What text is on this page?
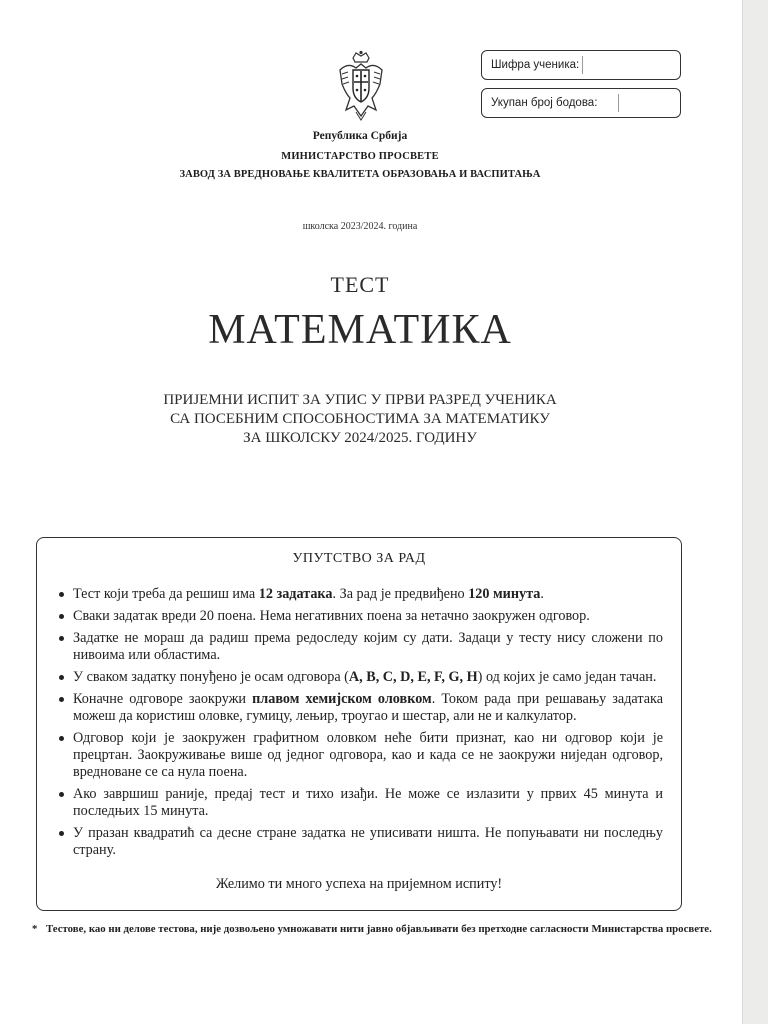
Република Србија
МИНИСТАРСТВО ПРОСВЕТЕ
ЗАВОД ЗА ВРЕДНОВАЊЕ КВАЛИТЕТА ОБРАЗОВАЊА И ВАСПИТАЊА
Шифра ученика:
Укупан број бодова:
школска 2023/2024. година
ТЕСТ
МАТЕМАТИКА
ПРИЈЕМНИ ИСПИТ ЗА УПИС У ПРВИ РАЗРЕД УЧЕНИКА
СА ПОСЕБНИМ СПОСОБНОСТИМА ЗА МАТЕМАТИКУ
ЗА ШКОЛСКУ 2024/2025. ГОДИНУ
УПУТСТВО ЗА РАД
Тест који треба да решиш има 12 задатака. За рад је предвиђено 120 минута.
Сваки задатак вреди 20 поена. Нема негативних поена за нетачно заокружен одговор.
Задатке не мораш да радиш према редоследу којим су дати. Задаци у тесту нису сложени по нивоима или областима.
У сваком задатку понуђено је осам одговора (A, B, C, D, E, F, G, H) од којих је само један тачан.
Коначне одговоре заокружи плавом хемијском оловком. Током рада при решавању задатака можеш да користиш оловке, гумицу, лењир, троугао и шестар, али не и калкулатор.
Одговор који је заокружен графитном оловком неће бити признат, као ни одговор који је прецртан. Заокруживање више од једног одговора, као и када се не заокружи ниједан одговор, вредноване се са нула поена.
Ако завршиш раније, предај тест и тихо изађи. Не може се излазити у првих 45 минута и последњих 15 минута.
У празан квадратић са десне стране задатка не уписивати ништа. Не попуњавати ни последњу страну.
Желимо ти много успеха на пријемном испиту!
* Тестове, као ни делове тестова, није дозвољено умножавати нити јавно објављивати без претходне сагласности Министарства просвете.
